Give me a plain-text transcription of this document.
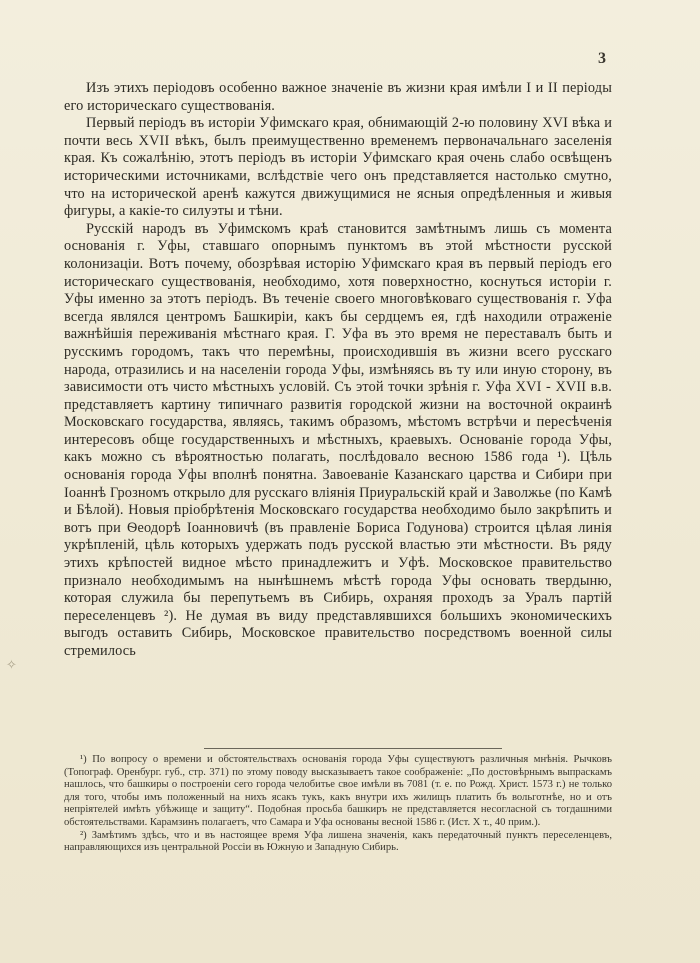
3

Изъ этихъ періодовъ особенно важное значеніе въ жизни края имѣли I и II періоды его историческаго существованія.

Первый періодъ въ исторіи Уфимскаго края, обнимающій 2-ю половину XVI вѣка и почти весь XVII вѣкъ, былъ преимущественно временемъ первоначальнаго заселенія края. Къ сожалѣнію, этотъ періодъ въ исторіи Уфимскаго края очень слабо освѣщенъ историческими источниками, вслѣдствіе чего онъ представляется настолько смутно, что на исторической аренѣ кажутся движущимися не ясныя опредѣленныя и живыя фигуры, а какіе-то силуэты и тѣни.

Русскій народъ въ Уфимскомъ краѣ становится замѣтнымъ лишь съ момента основанія г. Уфы, ставшаго опорнымъ пунктомъ въ этой мѣстности русской колонизаціи. Вотъ почему, обозрѣвая исторію Уфимскаго края въ первый періодъ его историческаго существованія, необходимо, хотя поверхностно, коснуться исторіи г. Уфы именно за этотъ періодъ. Въ теченіе своего многовѣковаго существованія г. Уфа всегда являлся центромъ Башкиріи, какъ бы сердцемъ ея, гдѣ находили отраженіе важнѣйшія переживанія мѣстнаго края. Г. Уфа въ это время не переставалъ быть и русскимъ городомъ, такъ что перемѣны, происходившія въ жизни всего русскаго народа, отразились и на населеніи города Уфы, измѣняясь въ ту или иную сторону, въ зависимости отъ чисто мѣстныхъ условій. Съ этой точки зрѣнія г. Уфа XVI - XVII в.в. представляетъ картину типичнаго развитія городской жизни на восточной окраинѣ Московскаго государства, являясь, такимъ образомъ, мѣстомъ встрѣчи и пересѣченія интересовъ обще государственныхъ и мѣстныхъ, краевыхъ. Основаніе города Уфы, какъ можно съ вѣроятностью полагать, послѣдовало весною 1586 года ¹). Цѣль основанія города Уфы вполнѣ понятна. Завоеваніе Казанскаго царства и Сибири при Іоаннѣ Грозномъ открыло для русскаго вліянія Приуральскій край и Заволжье (по Камѣ и Бѣлой). Новыя пріобрѣтенія Московскаго государства необходимо было закрѣпить и вотъ при Ѳеодорѣ Іоанновичѣ (въ правленіе Бориса Годунова) строится цѣлая линія укрѣпленій, цѣль которыхъ удержать подъ русской властью эти мѣстности. Въ ряду этихъ крѣпостей видное мѣсто принадлежитъ и Уфѣ. Московское правительство признало необходимымъ на нынѣшнемъ мѣстѣ города Уфы основать твердыню, которая служила бы перепутьемъ въ Сибирь, охраняя проходъ за Уралъ партій переселенцевъ ²). Не думая въ виду представлявшихся большихъ экономическихъ выгодъ оставить Сибирь, Московское правительство посредствомъ военной силы стремилось

¹) По вопросу о времени и обстоятельствахъ основанія города Уфы существуютъ различныя мнѣнія. Рычковъ (Топограф. Оренбург. губ., стр. 371) по этому поводу высказываетъ такое соображеніе: „По достовѣрнымъ выпраскамъ нашлось, что башкиры о построеніи сего города челобитье свое имѣли въ 7081 (т. е. по Рожд. Христ. 1573 г.) не только для того, чтобы имъ положенный на нихъ ясакъ тукъ, какъ внутри ихъ жилищъ платить бъ вольготнѣе, но и отъ непріятелей имѣть убѣжище и защиту“. Подобная просьба башкиръ не представляется несогласной съ тогдашними обстоятельствами. Карамзинъ полагаетъ, что Самара и Уфа основаны весной 1586 г. (Ист. X т., 40 прим.).

²) Замѣтимъ здѣсь, что и въ настоящее время Уфа лишена значенія, какъ передаточный пунктъ переселенцевъ, направляющихся изъ центральной Россіи въ Южную и Западную Сибирь.

✧
